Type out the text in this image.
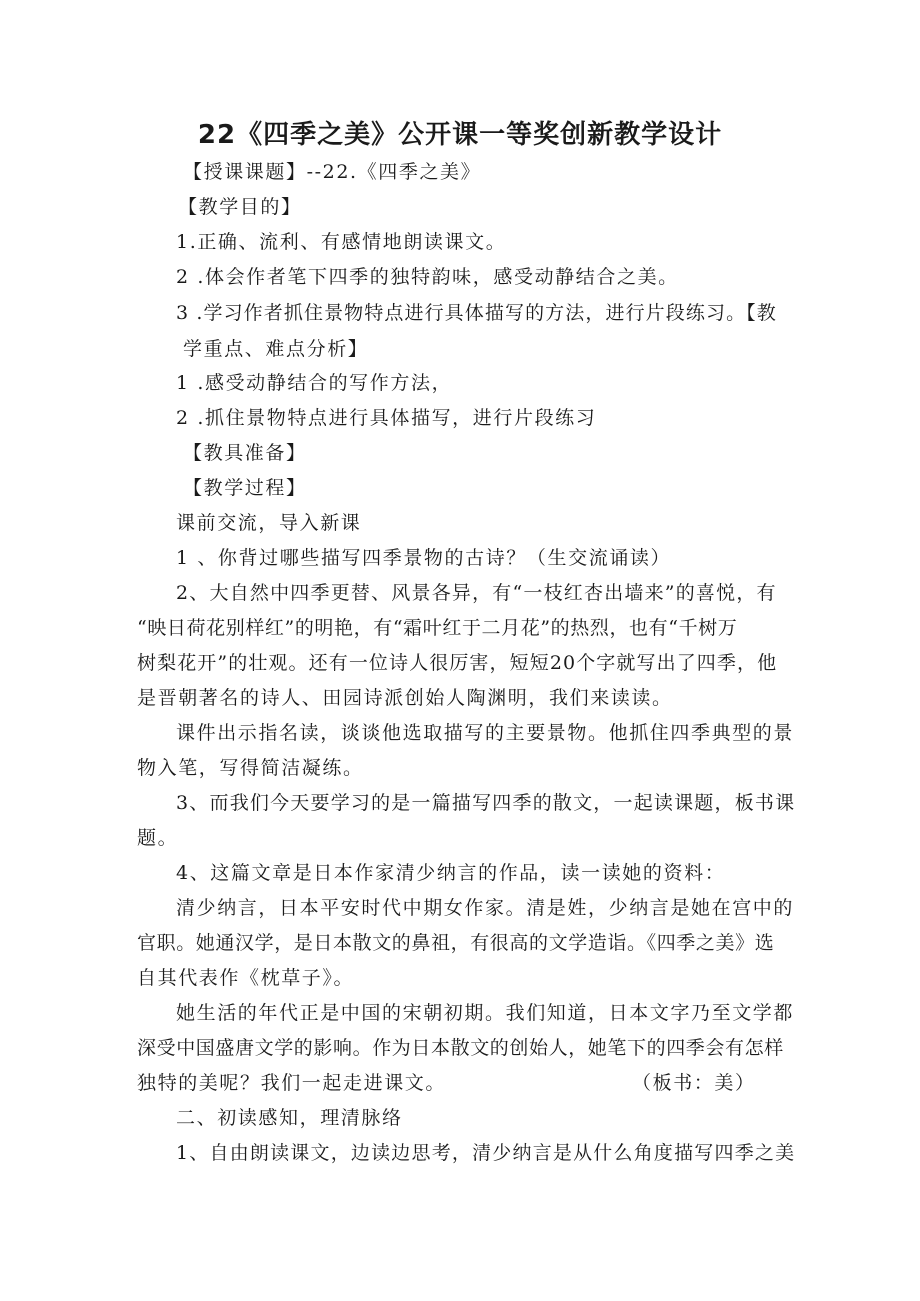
22《四季之美》公开课一等奖创新教学设计
【授课课题】--22.《四季之美》
【教学目的】
1.正确、流利、有感情地朗读课文。
2 .体会作者笔下四季的独特韵味，感受动静结合之美。
3 .学习作者抓住景物特点进行具体描写的方法，进行片段练习。【教
学重点、难点分析】
1 .感受动静结合的写作方法，
2 .抓住景物特点进行具体描写，进行片段练习
【教具准备】
【教学过程】
课前交流，导入新课
1 、你背过哪些描写四季景物的古诗？（生交流诵读）
2、大自然中四季更替、风景各异，有“一枝红杏出墙来”的喜悦，有
“映日荷花别样红”的明艳，有“霜叶红于二月花”的热烈，也有“千树万
树梨花开”的壮观。还有一位诗人很厉害，短短20个字就写出了四季，他
是晋朝著名的诗人、田园诗派创始人陶渊明，我们来读读。
课件出示指名读，谈谈他选取描写的主要景物。他抓住四季典型的景
物入笔，写得简洁凝练。
3、而我们今天要学习的是一篇描写四季的散文，一起读课题，板书课
题。
4、这篇文章是日本作家清少纳言的作品，读一读她的资料：
清少纳言，日本平安时代中期女作家。清是姓，少纳言是她在宫中的
官职。她通汉学，是日本散文的鼻祖，有很高的文学造诣。《四季之美》选
自其代表作《枕草子》。
她生活的年代正是中国的宋朝初期。我们知道，日本文字乃至文学都
深受中国盛唐文学的影响。作为日本散文的创始人，她笔下的四季会有怎样
独特的美呢？我们一起走进课文。	（板书：美）
二、初读感知，理清脉络
1、自由朗读课文，边读边思考，清少纳言是从什么角度描写四季之美
